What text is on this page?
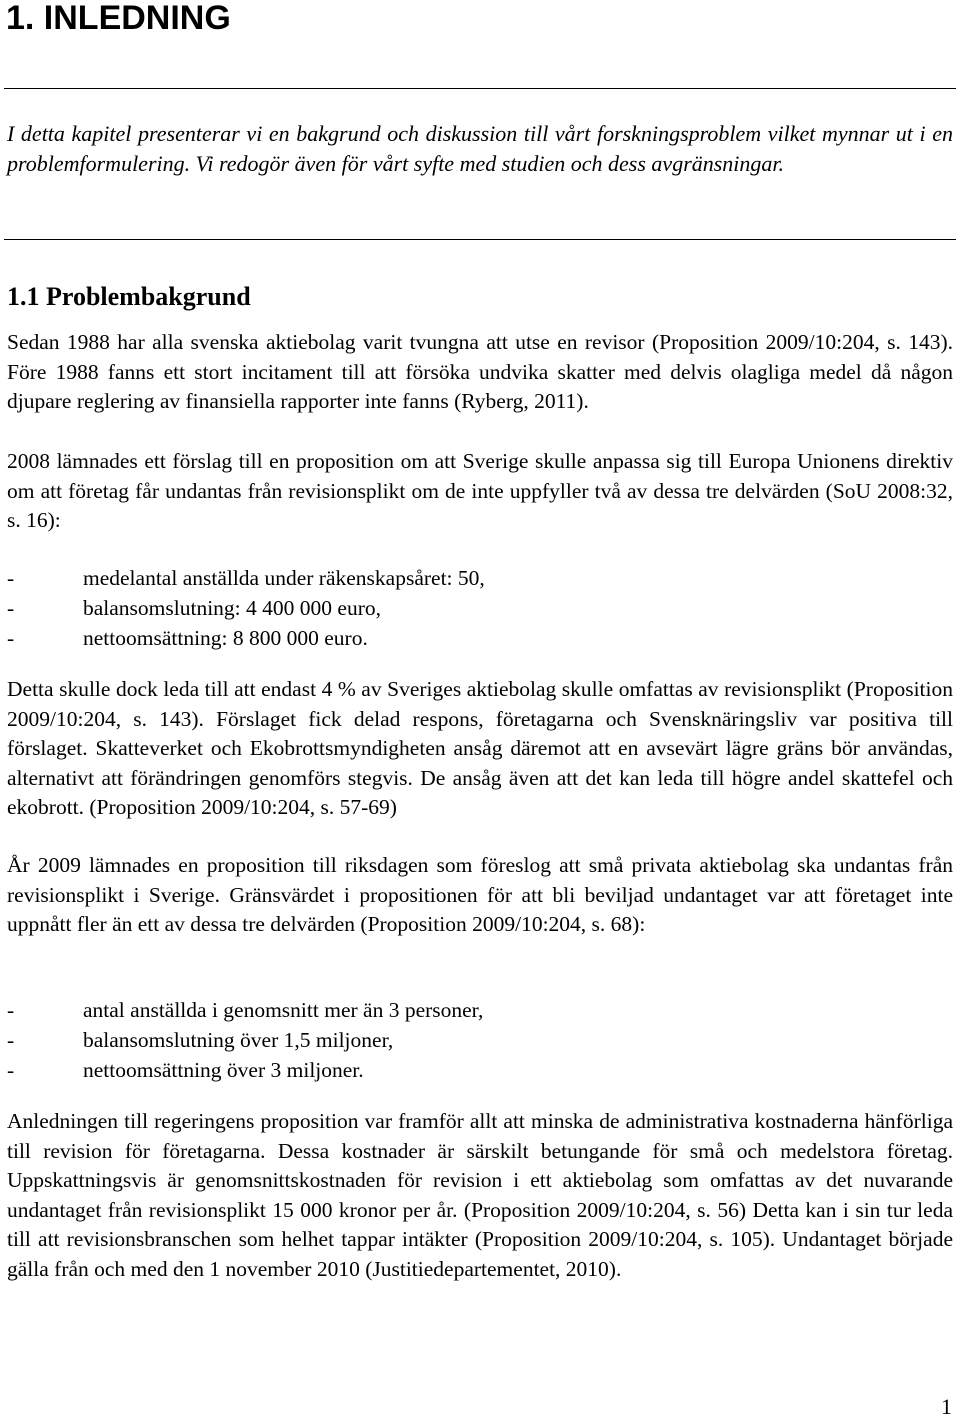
1. INLEDNING

I detta kapitel presenterar vi en bakgrund och diskussion till vårt forskningsproblem vilket mynnar ut i en problemformulering. Vi redogör även för vårt syfte med studien och dess avgränsningar.

1.1 Problembakgrund

Sedan 1988 har alla svenska aktiebolag varit tvungna att utse en revisor (Proposition 2009/10:204, s. 143). Före 1988 fanns ett stort incitament till att försöka undvika skatter med delvis olagliga medel då någon djupare reglering av finansiella rapporter inte fanns (Ryberg, 2011).

2008 lämnades ett förslag till en proposition om att Sverige skulle anpassa sig till Europa Unionens direktiv om att företag får undantas från revisionsplikt om de inte uppfyller två av dessa tre delvärden (SoU 2008:32, s. 16):

-	medelantal anställda under räkenskapsåret: 50,
-	balansomslutning: 4 400 000 euro,
-	nettoomsättning: 8 800 000 euro.

Detta skulle dock leda till att endast 4 % av Sveriges aktiebolag skulle omfattas av revisionsplikt (Proposition 2009/10:204, s. 143). Förslaget fick delad respons, företagarna och Svensknäringsliv var positiva till förslaget. Skatteverket och Ekobrottsmyndigheten ansåg däremot att en avsevärt lägre gräns bör användas, alternativt att förändringen genomförs stegvis. De ansåg även att det kan leda till högre andel skattefel och ekobrott. (Proposition 2009/10:204, s. 57-69)

År 2009 lämnades en proposition till riksdagen som föreslog att små privata aktiebolag ska undantas från revisionsplikt i Sverige. Gränsvärdet i propositionen för att bli beviljad undantaget var att företaget inte uppnått fler än ett av dessa tre delvärden (Proposition 2009/10:204, s. 68):

-	antal anställda i genomsnitt mer än 3 personer,
-	balansomslutning över 1,5 miljoner,
-	nettoomsättning över 3 miljoner.

Anledningen till regeringens proposition var framför allt att minska de administrativa kostnaderna hänförliga till revision för företagarna. Dessa kostnader är särskilt betungande för små och medelstora företag. Uppskattningsvis är genomsnittskostnaden för revision i ett aktiebolag som omfattas av det nuvarande undantaget från revisionsplikt 15 000 kronor per år. (Proposition 2009/10:204, s. 56) Detta kan i sin tur leda till att revisionsbranschen som helhet tappar intäkter (Proposition 2009/10:204, s. 105). Undantaget började gälla från och med den 1 november 2010 (Justitiedepartementet, 2010).

1
